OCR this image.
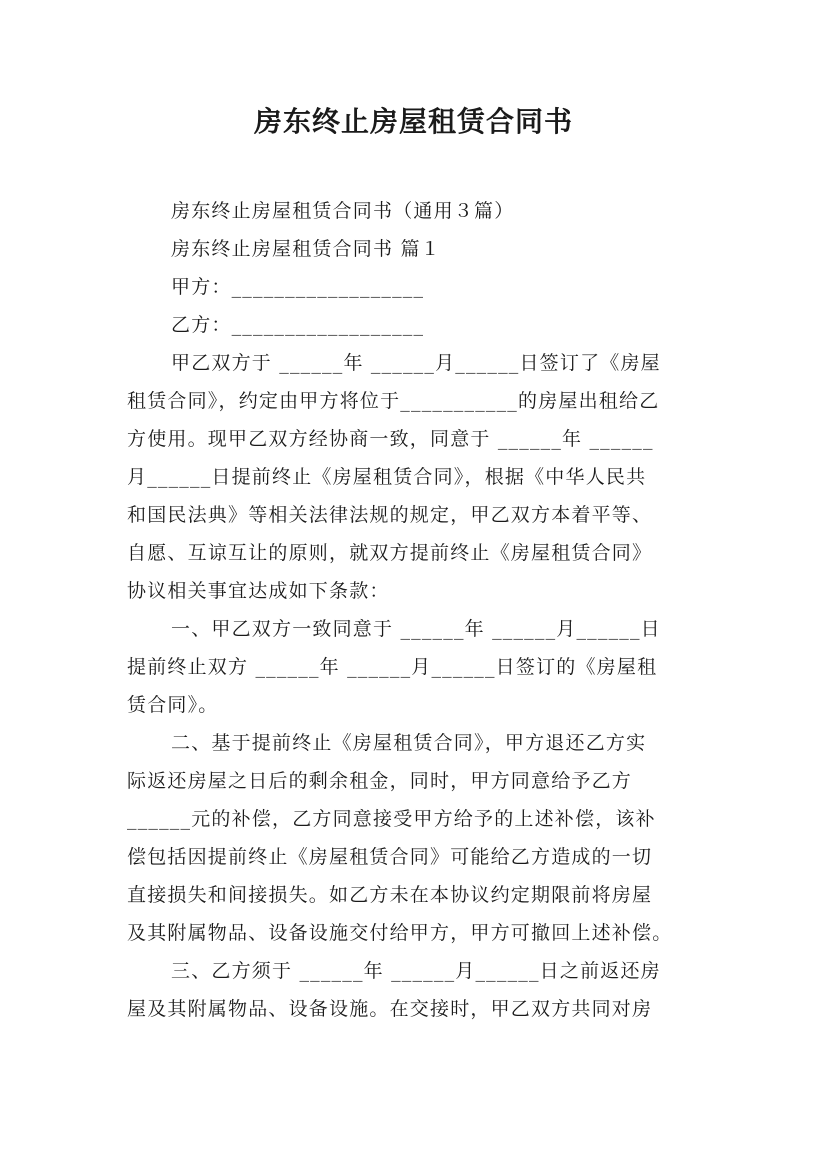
房东终止房屋租赁合同书
房东终止房屋租赁合同书（通用３篇）
房东终止房屋租赁合同书 篇１
甲方：__________________
乙方：__________________
甲乙双方于 ______年 ______月______日签订了《房屋
租赁合同》，约定由甲方将位于___________的房屋出租给乙
方使用。现甲乙双方经协商一致，同意于 ______年 ______
月______日提前终止《房屋租赁合同》，根据《中华人民共
和国民法典》等相关法律法规的规定，甲乙双方本着平等、
自愿、互谅互让的原则，就双方提前终止《房屋租赁合同》
协议相关事宜达成如下条款：
一、甲乙双方一致同意于 ______年 ______月______日
提前终止双方 ______年 ______月______日签订的《房屋租
赁合同》。
二、基于提前终止《房屋租赁合同》，甲方退还乙方实
际返还房屋之日后的剩余租金，同时，甲方同意给予乙方
______元的补偿，乙方同意接受甲方给予的上述补偿，该补
偿包括因提前终止《房屋租赁合同》可能给乙方造成的一切
直接损失和间接损失。如乙方未在本协议约定期限前将房屋
及其附属物品、设备设施交付给甲方，甲方可撤回上述补偿。
三、乙方须于 ______年 ______月______日之前返还房
屋及其附属物品、设备设施。在交接时，甲乙双方共同对房
